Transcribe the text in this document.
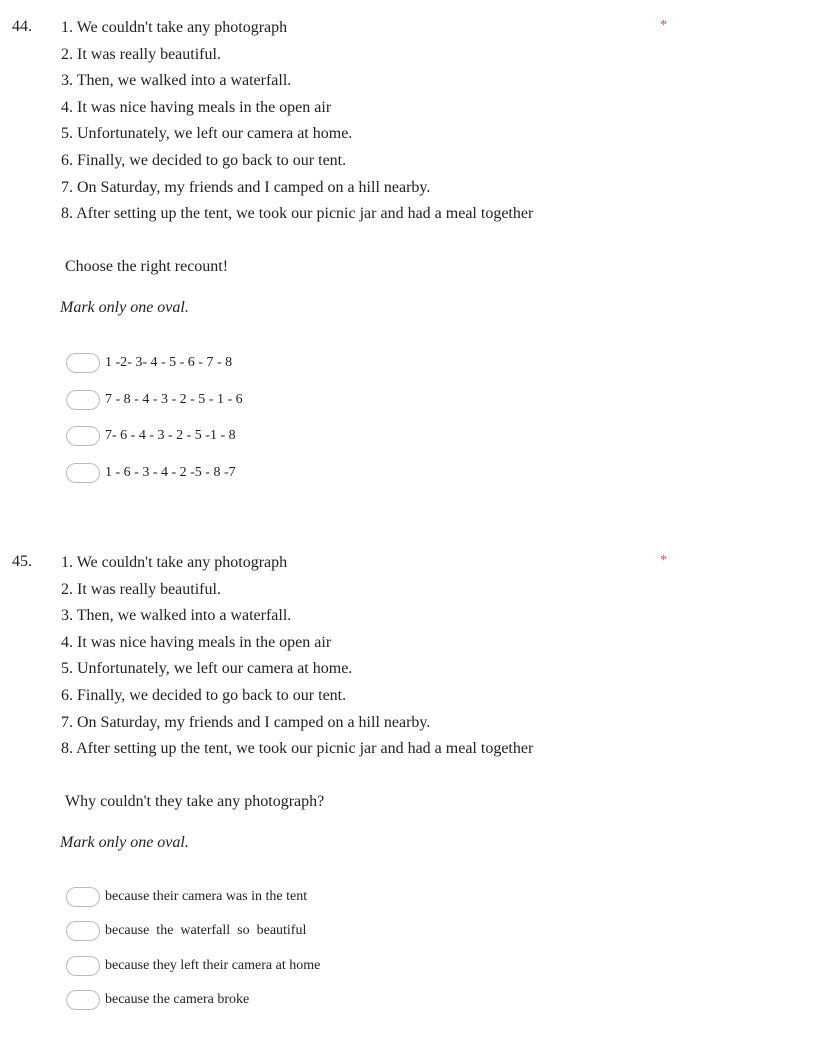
44.	*
1. We couldn't take any photograph
2. It was really beautiful.
3. Then, we walked into a waterfall.
4. It was nice having meals in the open air
5. Unfortunately, we left our camera at home.
6. Finally, we decided to go back to our tent.
7. On Saturday, my friends and I camped on a hill nearby.
8. After setting up the tent, we took our picnic jar and had a meal together
Choose the right recount!
Mark only one oval.
1 -2- 3- 4 - 5 - 6 - 7 - 8
7 - 8 - 4 - 3 - 2 - 5 - 1 - 6
7- 6 - 4 - 3 - 2 - 5 -1 - 8
1 - 6 - 3 - 4 - 2 -5 - 8 -7
45.	*
1. We couldn't take any photograph
2. It was really beautiful.
3. Then, we walked into a waterfall.
4. It was nice having meals in the open air
5. Unfortunately, we left our camera at home.
6. Finally, we decided to go back to our tent.
7. On Saturday, my friends and I camped on a hill nearby.
8. After setting up the tent, we took our picnic jar and had a meal together
Why couldn't they take any photograph?
Mark only one oval.
because their camera was in the tent
because  the  waterfall  so  beautiful
because they left their camera at home
because the camera broke
